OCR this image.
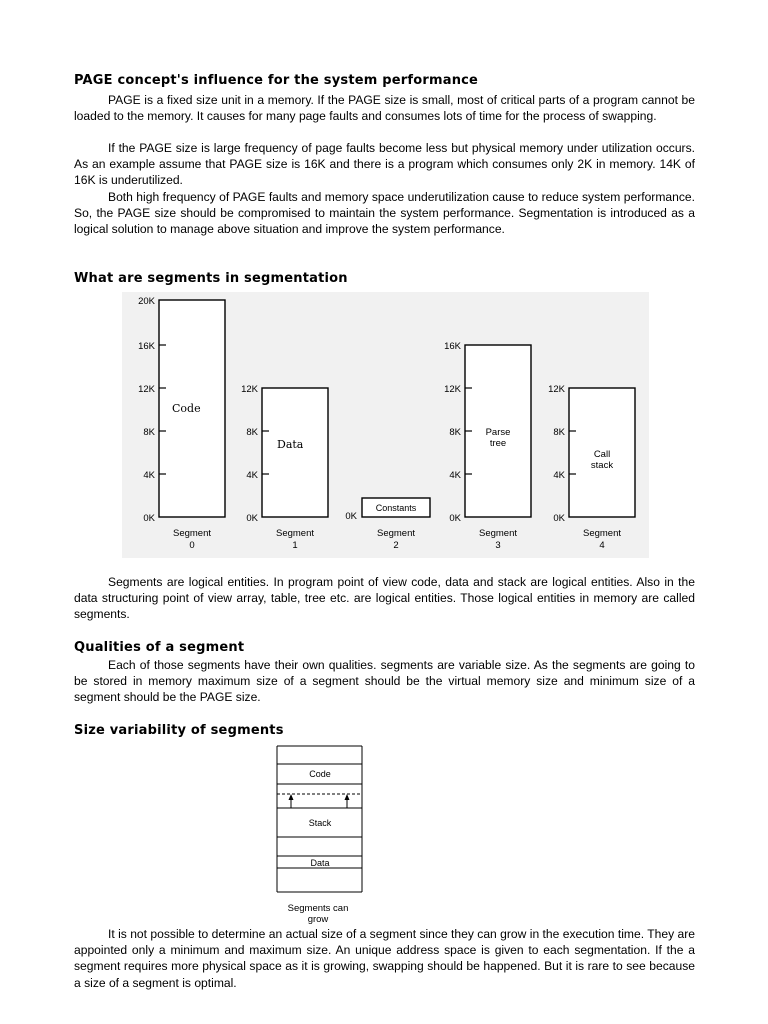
PAGE concept's influence for the system performance

PAGE is a fixed size unit in a memory. If the PAGE size is small, most of critical parts of a program cannot be loaded to the memory. It causes for many page faults and consumes lots of time for the process of swapping.

If the PAGE size is large frequency of page faults become less but physical memory under utilization occurs. As an example assume that PAGE size is 16K and there is a program which consumes only 2K in memory. 14K of 16K is underutilized.

Both high frequency of PAGE faults and memory space underutilization cause to reduce system performance. So, the PAGE size should be compromised to maintain the system performance. Segmentation is introduced as a logical solution to manage above situation and improve the system performance.

What are segments in segmentation
20K
16K
12K
8K
4K
0K
12K
8K
4K
0K	0K
16K
12K
8K
4K
0K
12K
8K
4K
0K
Code
Data
Constants
Parse
tree
Call
stack
Segment
0
Segment
1
Segment
2
Segment
3
Segment
4

Segments are logical entities. In program point of view code, data and stack are logical entities. Also in the data structuring point of view array, table, tree etc. are logical entities. Those logical entities in memory are called segments.

Qualities of a segment

Each of those segments have their own qualities. segments are variable size. As the segments are going to be stored in memory maximum size of a segment should be the virtual memory size and minimum size of a segment should be the PAGE size.

Size variability of segments
Code
Stack
Data
Segments can
grow

It is not possible to determine an actual size of a segment since they can grow in the execution time. They are appointed only a minimum and maximum size. An unique address space is given to each segmentation. If the a segment requires more physical space as it is growing, swapping should be happened. But it is rare to see because a size of a segment is optimal.
